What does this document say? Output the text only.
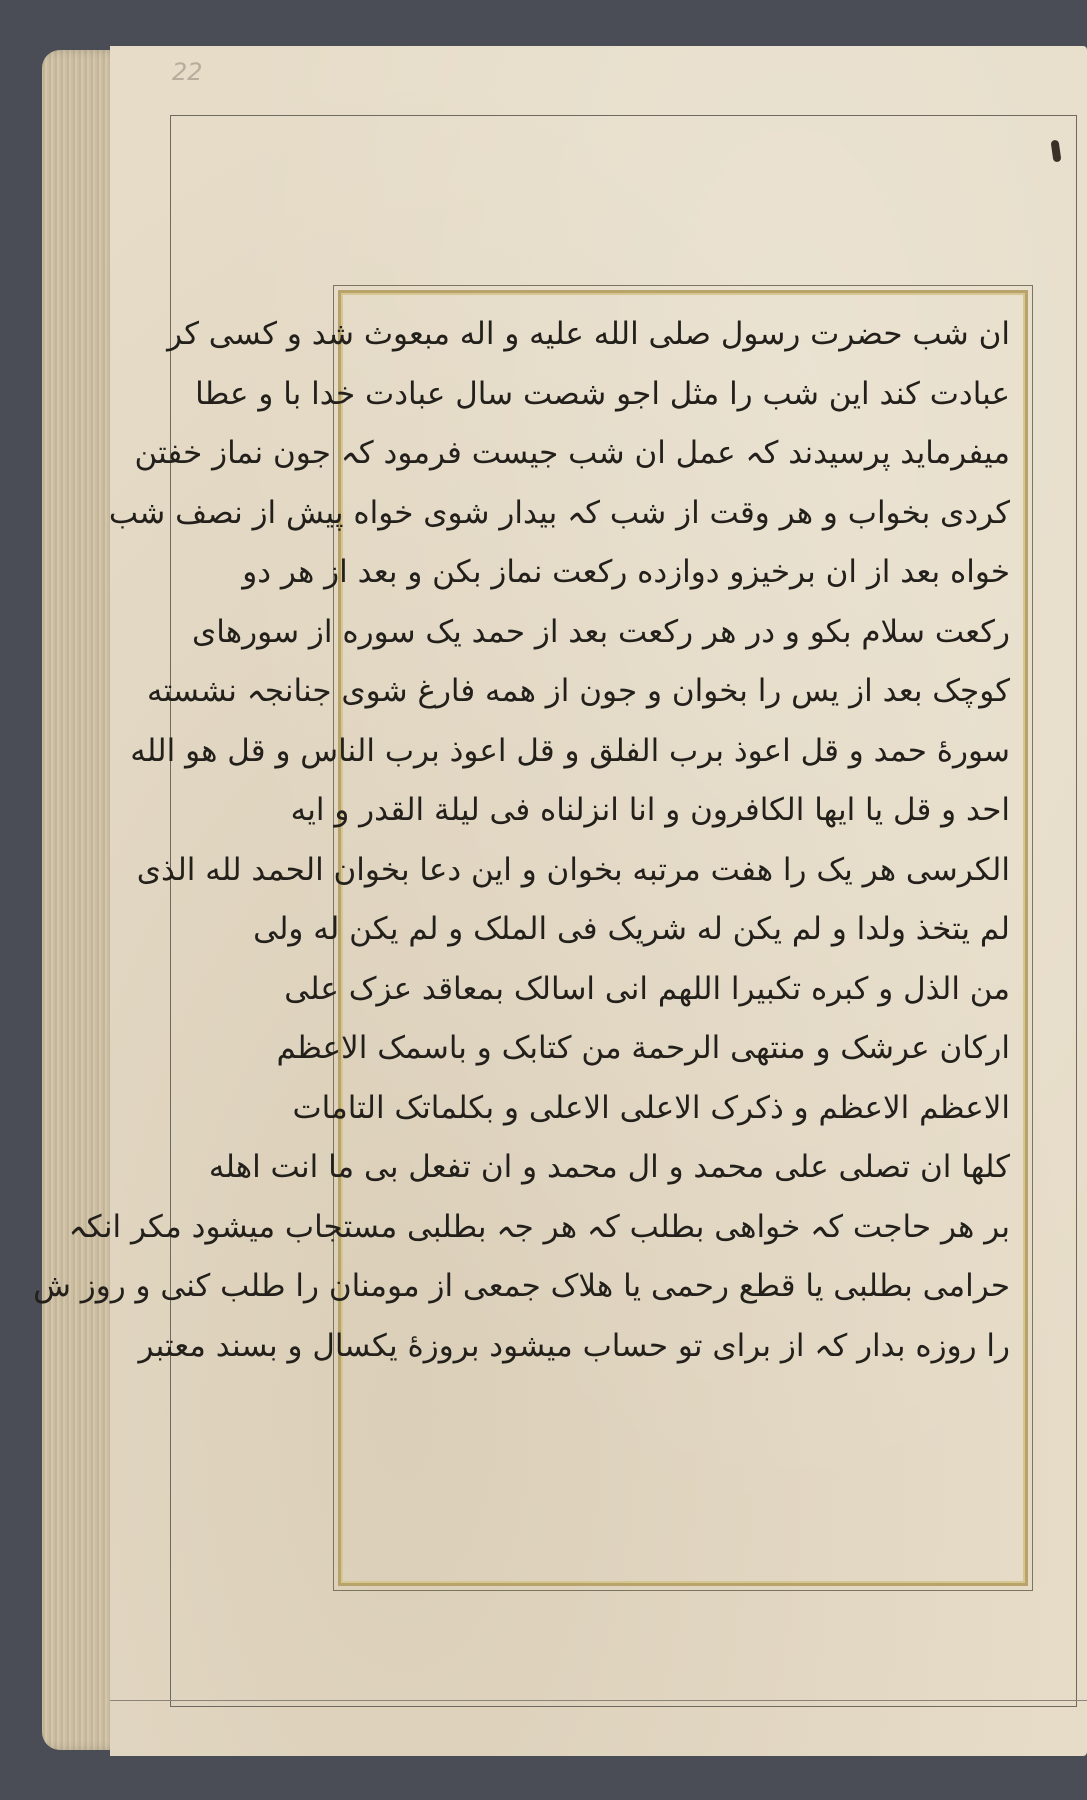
22
ان شب حضرت رسول صلی الله علیه و اله مبعوث شد و کسی کر
عبادت کند این شب را مثل اجو شصت سال عبادت خدا با و عطا
میفرماید پرسیدند کہ عمل ان شب جیست فرمود کہ جون نماز خفتن
کردی بخواب و هر وقت از شب کہ بیدار شوی خواه پیش از نصف شب
خواه بعد از ان برخیزو دوازده رکعت نماز بکن و بعد از هر دو
رکعت سلام بکو و در هر رکعت بعد از حمد یک سوره از سورهای
کوچک بعد از یس را بخوان و جون از همه فارغ شوی جنانجہ نشسته
سورهٔ حمد و قل اعوذ برب الفلق و قل اعوذ برب الناس و قل هو الله
احد و قل یا ایها الکافرون و انا انزلناه فی لیلة القدر و ایه
الکرسی هر یک را هفت مرتبه بخوان و این دعا بخوان الحمد لله الذی
لم یتخذ ولدا و لم یکن له شریک فی الملک و لم یکن له ولی
من الذل و کبره تکبیرا اللهم انی اسالک بمعاقد عزک علی
ارکان عرشک و منتهی الرحمة من کتابک و باسمک الاعظم
الاعظم الاعظم و ذکرک الاعلی الاعلی و بکلماتک التامات
کلها ان تصلی علی محمد و ال محمد و ان تفعل بی ما انت اهله
بر هر حاجت کہ خواهی بطلب کہ هر جہ بطلبی مستجاب میشود مکر انکہ
حرامی بطلبی یا قطع رحمی یا هلاک جمعی از مومنان را طلب کنی و روز ش
را روزه بدار کہ از برای تو حساب میشود بروزهٔ یکسال و بسند معتبر
